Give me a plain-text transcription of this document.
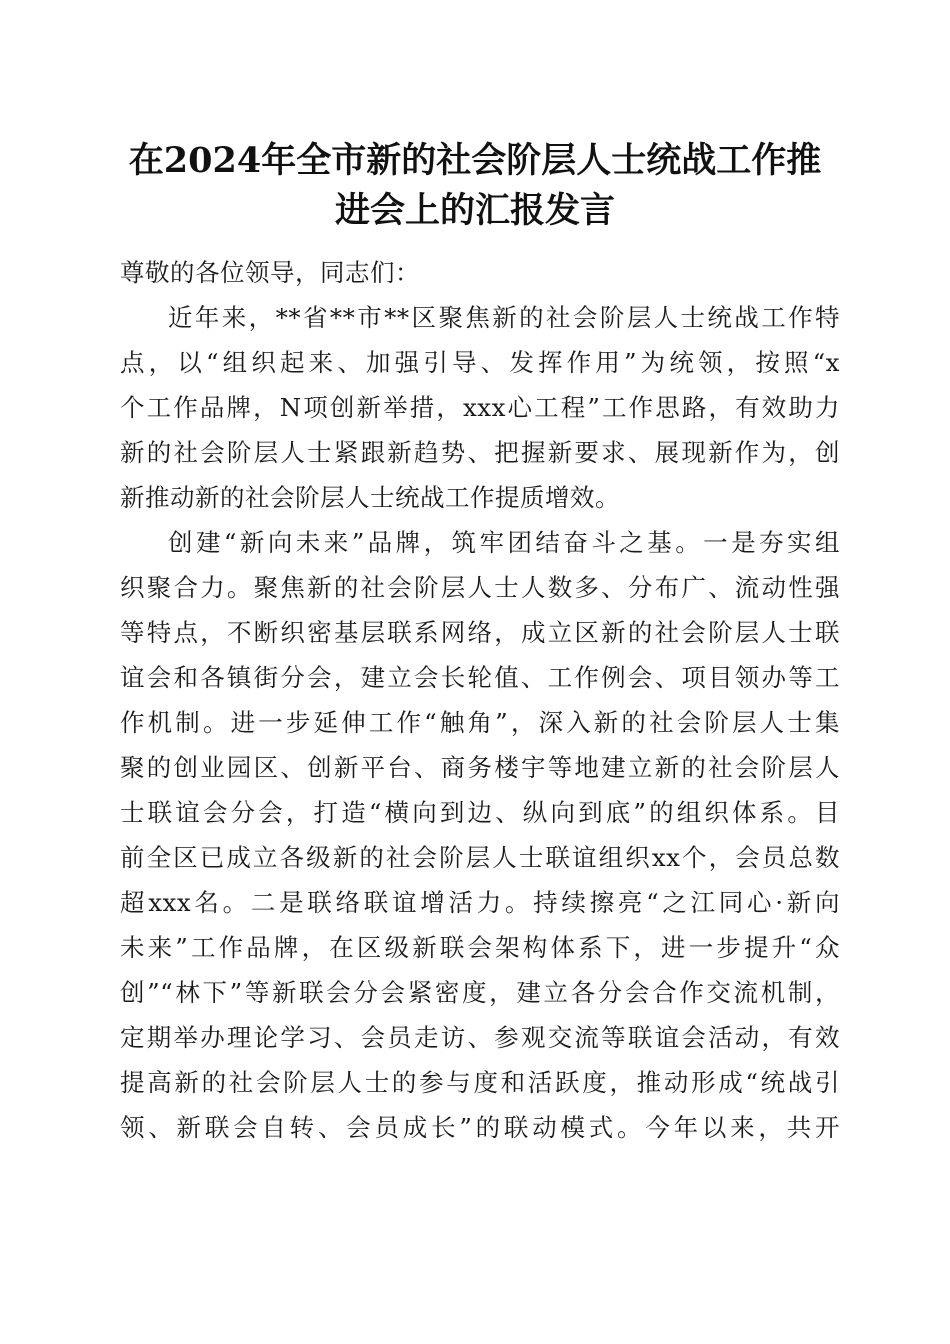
在2024年全市新的社会阶层人士统战工作推
进会上的汇报发言
尊敬的各位领导，同志们：
近年来，**省**市**区聚焦新的社会阶层人士统战工作特
点，以“组织起来、加强引导、发挥作用”为统领，按照“x
个工作品牌，N项创新举措，xxx心工程”工作思路，有效助力
新的社会阶层人士紧跟新趋势、把握新要求、展现新作为，创
新推动新的社会阶层人士统战工作提质增效。
创建“新向未来”品牌，筑牢团结奋斗之基。一是夯实组
织聚合力。聚焦新的社会阶层人士人数多、分布广、流动性强
等特点，不断织密基层联系网络，成立区新的社会阶层人士联
谊会和各镇街分会，建立会长轮值、工作例会、项目领办等工
作机制。进一步延伸工作“触角”，深入新的社会阶层人士集
聚的创业园区、创新平台、商务楼宇等地建立新的社会阶层人
士联谊会分会，打造“横向到边、纵向到底”的组织体系。目
前全区已成立各级新的社会阶层人士联谊组织xx个，会员总数
超xxx名。二是联络联谊增活力。持续擦亮“之江同心·新向
未来”工作品牌，在区级新联会架构体系下，进一步提升“众
创”“林下”等新联会分会紧密度，建立各分会合作交流机制，
定期举办理论学习、会员走访、参观交流等联谊会活动，有效
提高新的社会阶层人士的参与度和活跃度，推动形成“统战引
领、新联会自转、会员成长”的联动模式。今年以来，共开
